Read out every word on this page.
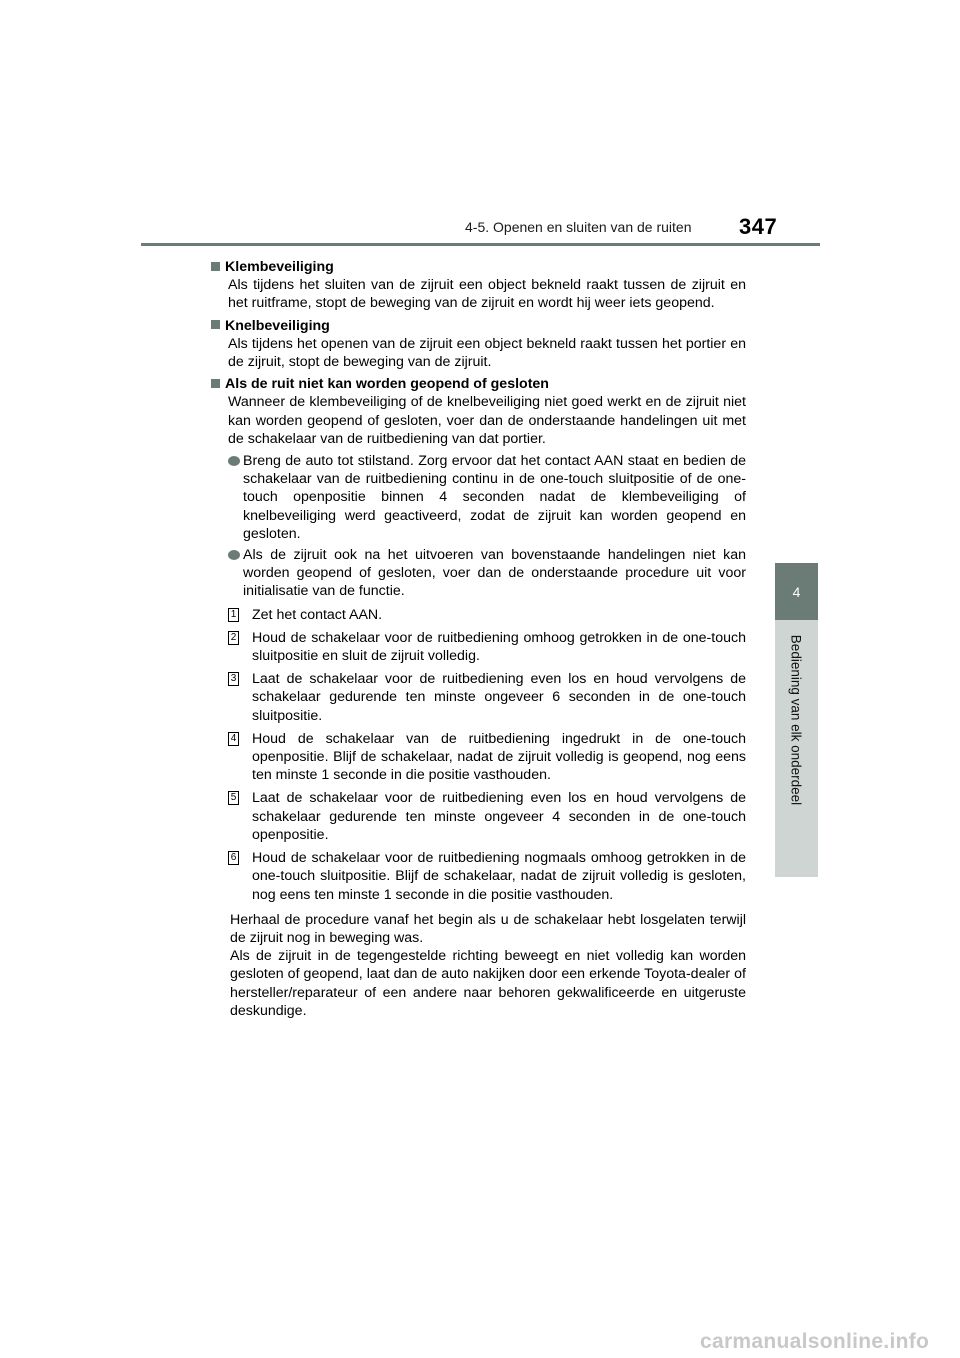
4-5. Openen en sluiten van de ruiten 347
4
Bediening van elk onderdeel
Klembeveiliging
Als tijdens het sluiten van de zijruit een object bekneld raakt tussen de zijruit en het ruitframe, stopt de beweging van de zijruit en wordt hij weer iets geopend.
Knelbeveiliging
Als tijdens het openen van de zijruit een object bekneld raakt tussen het portier en de zijruit, stopt de beweging van de zijruit.
Als de ruit niet kan worden geopend of gesloten
Wanneer de klembeveiliging of de knelbeveiliging niet goed werkt en de zijruit niet kan worden geopend of gesloten, voer dan de onderstaande handelingen uit met de schakelaar van de ruitbediening van dat portier.
Breng de auto tot stilstand. Zorg ervoor dat het contact AAN staat en bedien de schakelaar van de ruitbediening continu in de one-touch sluitpositie of de one-touch openpositie binnen 4 seconden nadat de klembeveiliging of knelbeveiliging werd geactiveerd, zodat de zijruit kan worden geopend en gesloten.
Als de zijruit ook na het uitvoeren van bovenstaande handelingen niet kan worden geopend of gesloten, voer dan de onderstaande procedure uit voor initialisatie van de functie.
1 Zet het contact AAN.
2 Houd de schakelaar voor de ruitbediening omhoog getrokken in de one-touch sluitpositie en sluit de zijruit volledig.
3 Laat de schakelaar voor de ruitbediening even los en houd vervolgens de schakelaar gedurende ten minste ongeveer 6 seconden in de one-touch sluitpositie.
4 Houd de schakelaar van de ruitbediening ingedrukt in de one-touch openpositie. Blijf de schakelaar, nadat de zijruit volledig is geopend, nog eens ten minste 1 seconde in die positie vasthouden.
5 Laat de schakelaar voor de ruitbediening even los en houd vervolgens de schakelaar gedurende ten minste ongeveer 4 seconden in de one-touch openpositie.
6 Houd de schakelaar voor de ruitbediening nogmaals omhoog getrokken in de one-touch sluitpositie. Blijf de schakelaar, nadat de zijruit volledig is gesloten, nog eens ten minste 1 seconde in die positie vasthouden.
Herhaal de procedure vanaf het begin als u de schakelaar hebt losgelaten terwijl de zijruit nog in beweging was.
Als de zijruit in de tegengestelde richting beweegt en niet volledig kan worden gesloten of geopend, laat dan de auto nakijken door een erkende Toyota-dealer of hersteller/reparateur of een andere naar behoren gekwalificeerde en uitgeruste deskundige.
carmanualsonline.info
